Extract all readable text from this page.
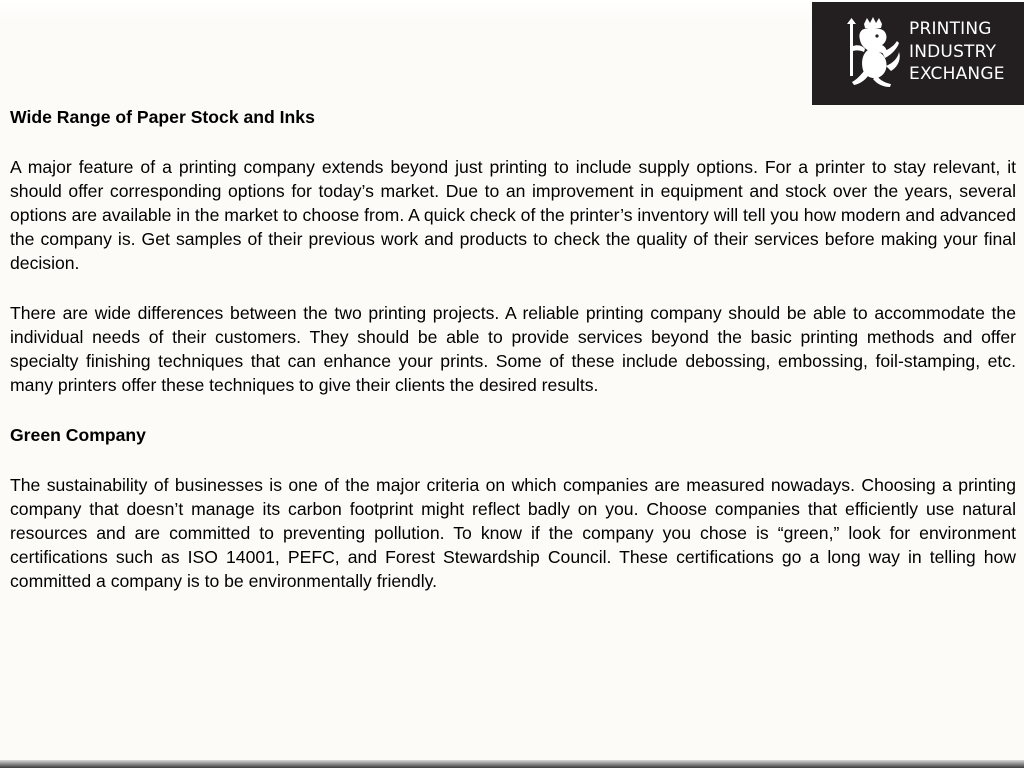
PRINTING
INDUSTRY
EXCHANGE
Wide Range of Paper Stock and Inks

A major feature of a printing company extends beyond just printing to include supply options. For a printer to stay relevant, it should offer corresponding options for today’s market. Due to an improvement in equipment and stock over the years, several options are available in the market to choose from. A quick check of the printer’s inventory will tell you how modern and advanced the company is. Get samples of their previous work and products to check the quality of their services before making your final decision.

There are wide differences between the two printing projects. A reliable printing company should be able to accommodate the individual needs of their customers. They should be able to provide services beyond the basic printing methods and offer specialty finishing techniques that can enhance your prints. Some of these include debossing, embossing, foil-stamping, etc. many printers offer these techniques to give their clients the desired results.

Green Company

The sustainability of businesses is one of the major criteria on which companies are measured nowadays. Choosing a printing company that doesn’t manage its carbon footprint might reflect badly on you. Choose companies that efficiently use natural resources and are committed to preventing pollution. To know if the company you chose is “green,” look for environment certifications such as ISO 14001, PEFC, and Forest Stewardship Council. These certifications go a long way in telling how committed a company is to be environmentally friendly.
